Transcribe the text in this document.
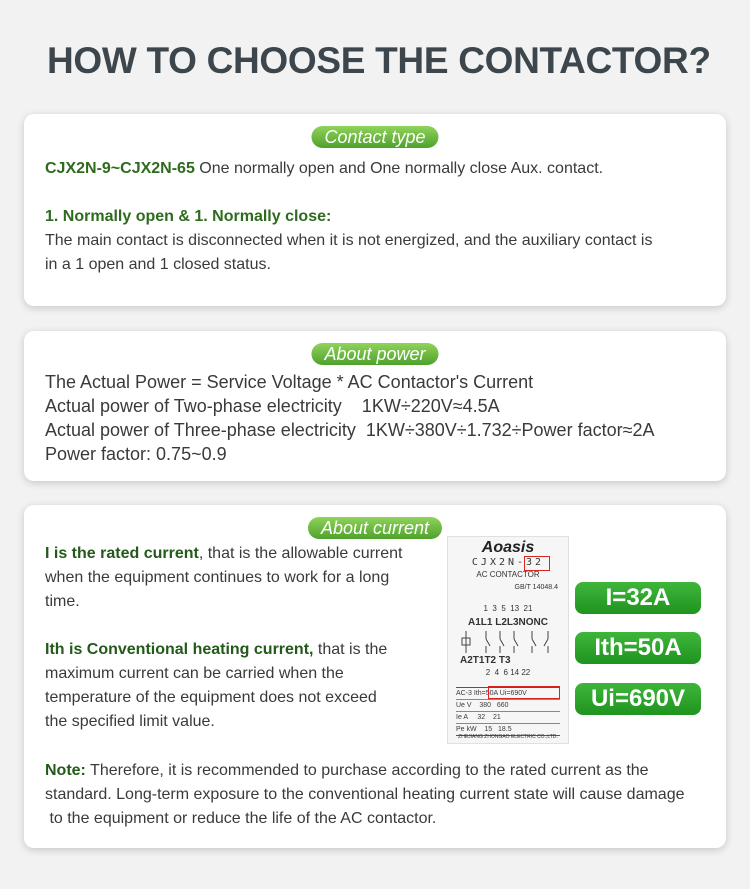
HOW TO CHOOSE THE CONTACTOR?
Contact type
CJX2N-9~CJX2N-65 One normally open and One normally close Aux. contact.
1. Normally open & 1. Normally close:
The main contact is disconnected when it is not energized, and the auxiliary contact is
in a 1 open and 1 closed status.
About power
The Actual Power = Service Voltage * AC Contactor's Current
Actual power of Two-phase electricity    1KW÷220V≈4.5A
Actual power of Three-phase electricity  1KW÷380V÷1.732÷Power factor≈2A
Power factor: 0.75~0.9
About current
I is the rated current, that is the allowable current
when the equipment continues to work for a long
time.
Ith is Conventional heating current, that is the
maximum current can be carried when the
temperature of the equipment does not exceed
the specified limit value.
Aoasis
CJX2N-32
AC CONTACTOR
GB/T 14048.4
1  3  5  13  21
A1L1 L2L3NONC
A2T1T2 T3
2  4  6 14 22
AC-3 Ith=50A Ui=690V
Ue V    380   660
Ie A     32    21
Pe kW    15   18.5
ZHEJIANG ZHONGAO ELECTRIC CO.,LTD.
I=32A
Ith=50A
Ui=690V
Note: Therefore, it is recommended to purchase according to the rated current as the
standard. Long-term exposure to the conventional heating current state will cause damage
to the equipment or reduce the life of the AC contactor.
